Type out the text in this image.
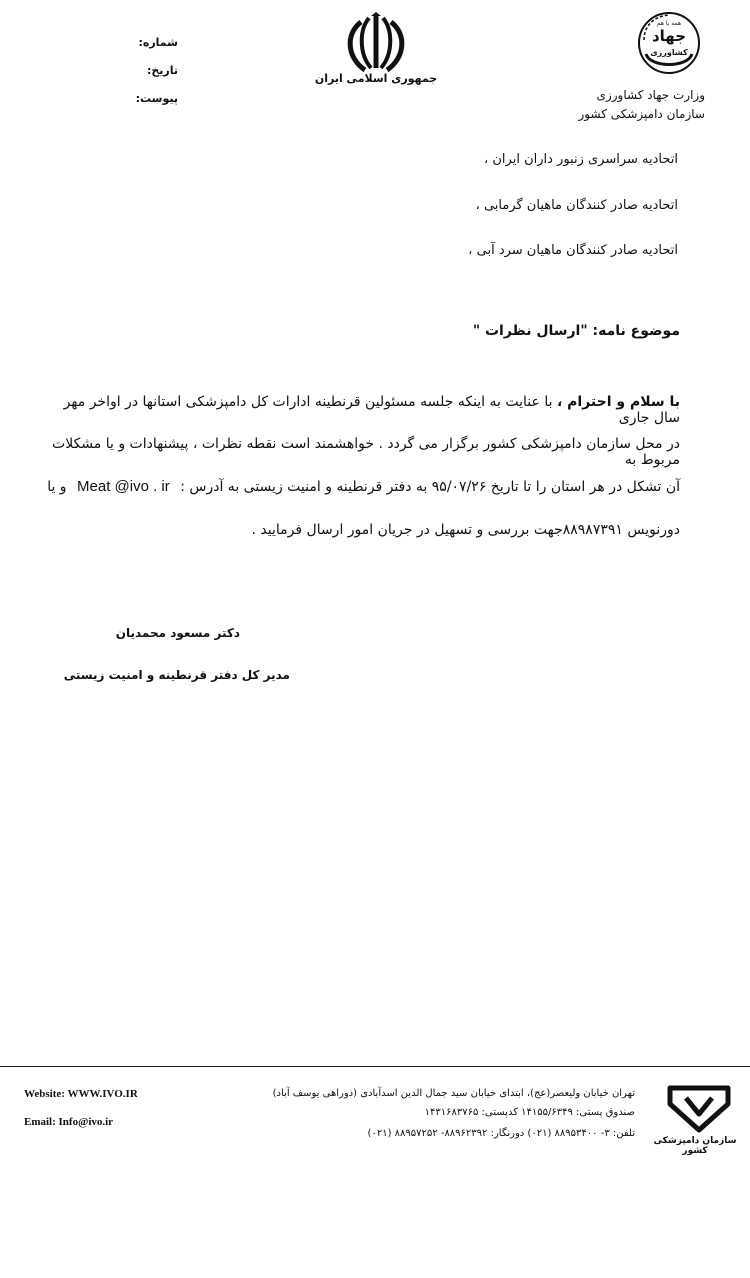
شماره:
تاریخ:
پیوست:
جمهوری اسلامی ایران
همه با هم
جهاد
کشاورزی
وزارت جهاد کشاورزی
سازمان دامپزشکی کشور
اتحادیه سراسری زنبور داران ایران ،
اتحادیه صادر کنندگان ماهیان گرمابی ،
اتحادیه صادر کنندگان ماهیان سرد آبی ،
موضوع نامه: "ارسال نظرات "
با سلام و احترام ، با عنایت به اینکه جلسه مسئولین قرنطینه ادارات کل دامپزشکی استانها در اواخر مهر سال جاری
در محل سازمان دامپزشکی کشور برگزار می گردد . خواهشمند است نقطه نظرات ، پیشنهادات و یا مشکلات مربوط به
آن تشکل در هر استان را تا تاریخ ۹۵/۰۷/۲۶ به دفتر قرنطینه و امنیت زیستی به آدرس : Meat @ivo . ir و یا
دورنویس ۸۸۹۸۷۳۹۱جهت بررسی و تسهیل در جریان امور ارسال فرمایید .
دکتر مسعود محمدیان
مدیر کل دفتر قرنطینه و امنیت زیستی
Website: WWW.IVO.IR
Email: Info@ivo.ir
تهران خیابان ولیعصر(عج)، ابتدای خیابان سید جمال الدین اسدآبادی (دوراهی یوسف آباد)
صندوق پستی: ۱۴۱۵۵/۶۳۴۹ کدپستی: ۱۴۳۱۶۸۳۷۶۵
تلفن: ۳- ۸۸۹۵۳۴۰۰ (۰۲۱) دورنگار: ۸۸۹۶۲۳۹۲- ۸۸۹۵۷۲۵۲ (۰۲۱)
سازمان دامپزشکی کشور
